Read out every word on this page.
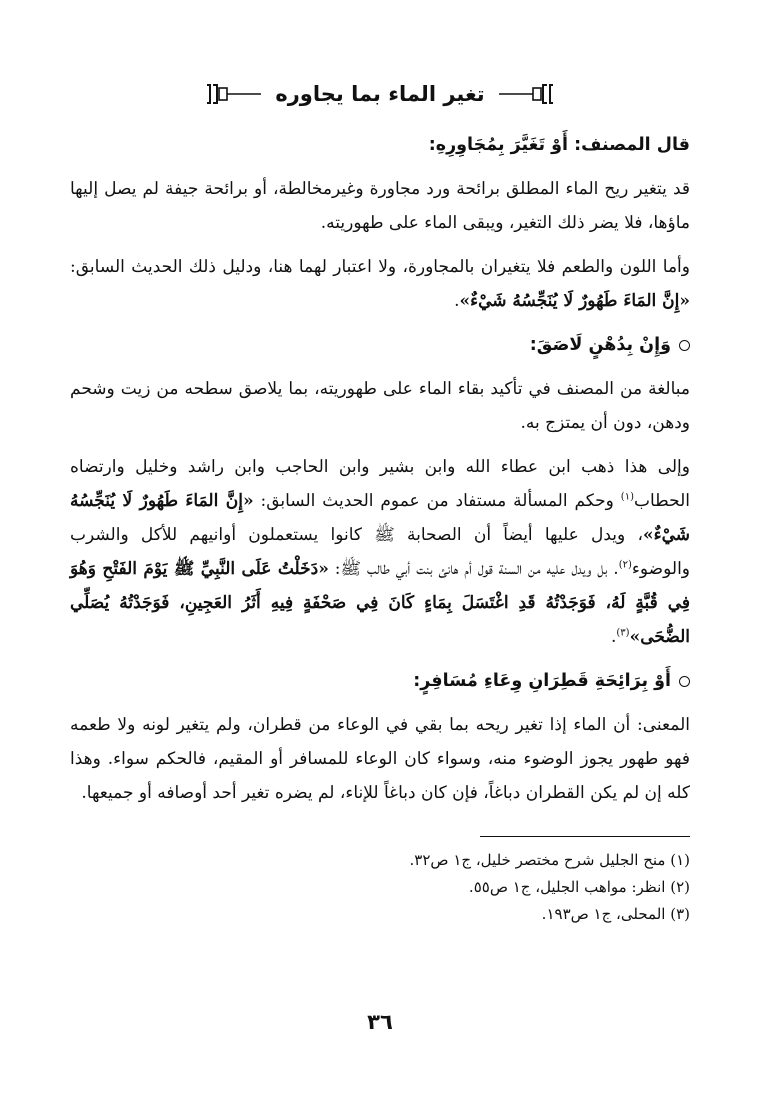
تغير الماء بما يجاوره

قال المصنف: أَوْ تَغَيَّرَ بِمُجَاوِرِهِ:

قد يتغير ريح الماء المطلق برائحة ورد مجاورة وغيرمخالطة، أو برائحة جيفة لم يصل إليها ماؤها، فلا يضر ذلك التغير، ويبقى الماء على طهوريته.

وأما اللون والطعم فلا يتغيران بالمجاورة، ولا اعتبار لهما هنا، ودليل ذلك الحديث السابق: «إِنَّ المَاءَ طَهُورٌ لَا يُنَجِّسُهُ شَيْءٌ».

وَإِنْ بِدُهْنٍ لَاصَقَ:

مبالغة من المصنف في تأكيد بقاء الماء على طهوريته، بما يلاصق سطحه من زيت وشحم ودهن، دون أن يمتزج به.

وإلى هذا ذهب ابن عطاء الله وابن بشير وابن الحاجب وابن راشد وخليل وارتضاه الحطاب$^{(١)}$ وحكم المسألة مستفاد من عموم الحديث السابق: «إِنَّ المَاءَ طَهُورٌ لَا يُنَجِّسُهُ شَيْءٌ»، ويدل عليها أيضاً أن الصحابة ﷺ كانوا يستعملون أوانيهم للأكل والشرب والوضوء$^{(٢)}$. بل ويدل عليه من السنة قول أم هانئ بنت أبي طالب ﷺ: «دَخَلْتُ عَلَى النَّبِيِّ ﷺ يَوْمَ الفَتْحِ وَهُوَ فِي قُبَّةٍ لَهُ، فَوَجَدْتُهُ قَدِ اغْتَسَلَ بِمَاءٍ كَانَ فِي صَحْفَةٍ فِيهِ أَثَرُ العَجِينِ، فَوَجَدْتُهُ يُصَلِّي الضُّحَى»$^{(٣)}$.

أَوْ بِرَائِحَةِ قَطِرَانِ وِعَاءِ مُسَافِرٍ:

المعنى: أن الماء إذا تغير ريحه بما بقي في الوعاء من قطران، ولم يتغير لونه ولا طعمه فهو طهور يجوز الوضوء منه، وسواء كان الوعاء للمسافر أو المقيم، فالحكم سواء. وهذا كله إن لم يكن القطران دباغاً، فإن كان دباغاً للإناء، لم يضره تغير أحد أوصافه أو جميعها.

(١) منح الجليل شرح مختصر خليل، ج١ ص٣٢.

(٢) انظر: مواهب الجليل، ج١ ص٥٥.

(٣) المحلى، ج١ ص١٩٣.

٣٦
